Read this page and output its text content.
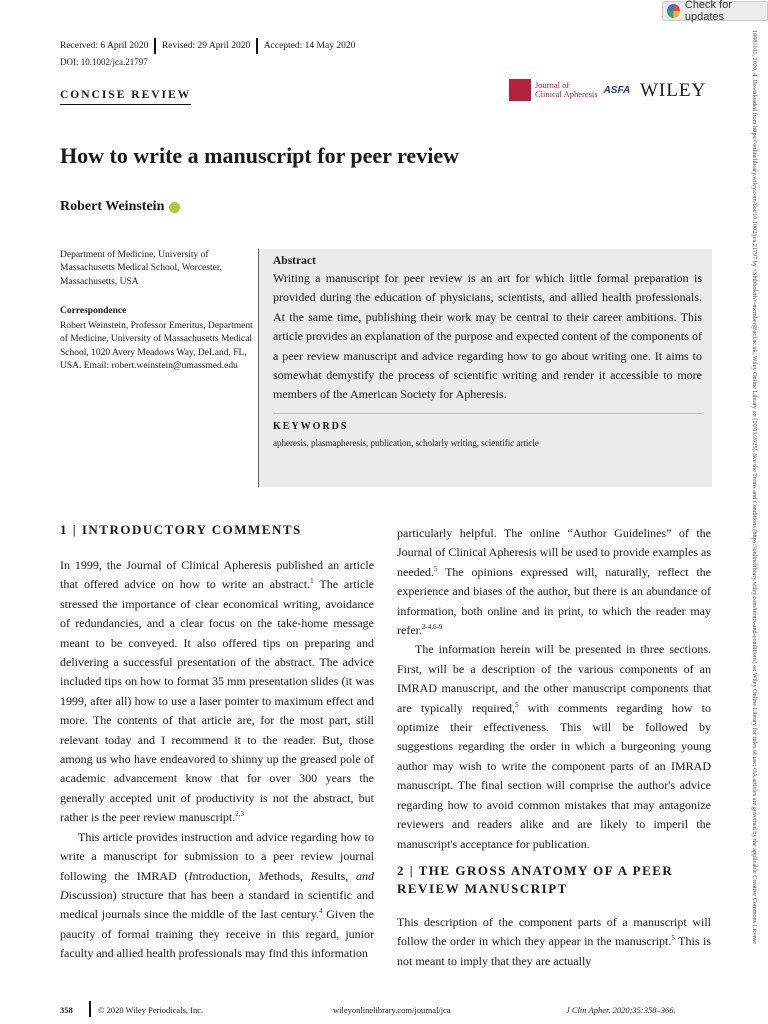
Check for updates
Received: 6 April 2020 Revised: 29 April 2020 Accepted: 14 May 2020
DOI: 10.1002/jca.21797
CONCISE REVIEW
Journal of
Clinical Apheresis ASFA WILEY	10981101, 2020, 4, Downloaded from https://onlinelibrary.wiley.com/doi/10.1002/jca.21797 by <Shibboleth>-member@ucl.ac.uk, Wiley Online Library on [10/03/2025]. See the Terms and Conditions (https://onlinelibrary.wiley.com/terms-and-conditions) on Wiley Online Library for rules of use; OA articles are governed by the applicable Creative Commons License
How to write a manuscript for peer review
Robert Weinstein
Department of Medicine, University of Massachusetts Medical School, Worcester, Massachusetts, USA
Correspondence
Robert Weinstein, Professor Emeritus, Department of Medicine, University of Massachusetts Medical School, 1020 Avery Meadows Way, DeLand, FL, USA. Email: robert.weinstein@umassmed.edu
Abstract
Writing a manuscript for peer review is an art for which little formal preparation is provided during the education of physicians, scientists, and allied health professionals. At the same time, publishing their work may be central to their career ambitions. This article provides an explanation of the purpose and expected content of the components of a peer review manuscript and advice regarding how to go about writing one. It aims to somewhat demystify the process of scientific writing and render it accessible to more members of the American Society for Apheresis.
KEYWORDS
apheresis, plasmapheresis, publication, scholarly writing, scientific article
1 | INTRODUCTORY COMMENTS

In 1999, the Journal of Clinical Apheresis published an article that offered advice on how to write an abstract.$^1$ The article stressed the importance of clear economical writing, avoidance of redundancies, and a clear focus on the take-home message meant to be conveyed. It also offered tips on preparing and delivering a successful presentation of the abstract. The advice included tips on how to format 35 mm presentation slides (it was 1999, after all) how to use a laser pointer to maximum effect and more. The contents of that article are, for the most part, still relevant today and I recommend it to the reader. But, those among us who have endeavored to shinny up the greased pole of academic advancement know that for over 300 years the generally accepted unit of productivity is not the abstract, but rather is the peer review manuscript.$^{2,3}$

This article provides instruction and advice regarding how to write a manuscript for submission to a peer review journal following the IMRAD (Introduction, Methods, Results, and Discussion) structure that has been a standard in scientific and medical journals since the middle of the last century.$^4$ Given the paucity of formal training they receive in this regard, junior faculty and allied health professionals may find this information

particularly helpful. The online “Author Guidelines” of the Journal of Clinical Apheresis will be used to provide examples as needed.$^5$ The opinions expressed will, naturally, reflect the experience and biases of the author, but there is an abundance of information, both online and in print, to which the reader may refer.$^{2-4,6-9}$

The information herein will be presented in three sections. First, will be a description of the various components of an IMRAD manuscript, and the other manuscript components that are typically required,$^5$ with comments regarding how to optimize their effectiveness. This will be followed by suggestions regarding the order in which a burgeoning young author may wish to write the component parts of an IMRAD manuscript. The final section will comprise the author's advice regarding how to avoid common mistakes that may antagonize reviewers and readers alike and are likely to imperil the manuscript's acceptance for publication.

2 | THE GROSS ANATOMY OF A PEER REVIEW MANUSCRIPT

This description of the component parts of a manuscript will follow the order in which they appear in the manuscript.$^5$ This is not meant to imply that they are actually

358	© 2020 Wiley Periodicals, Inc.	wileyonlinelibrary.com/journal/jca	J Clin Apher. 2020;35:358–366.
